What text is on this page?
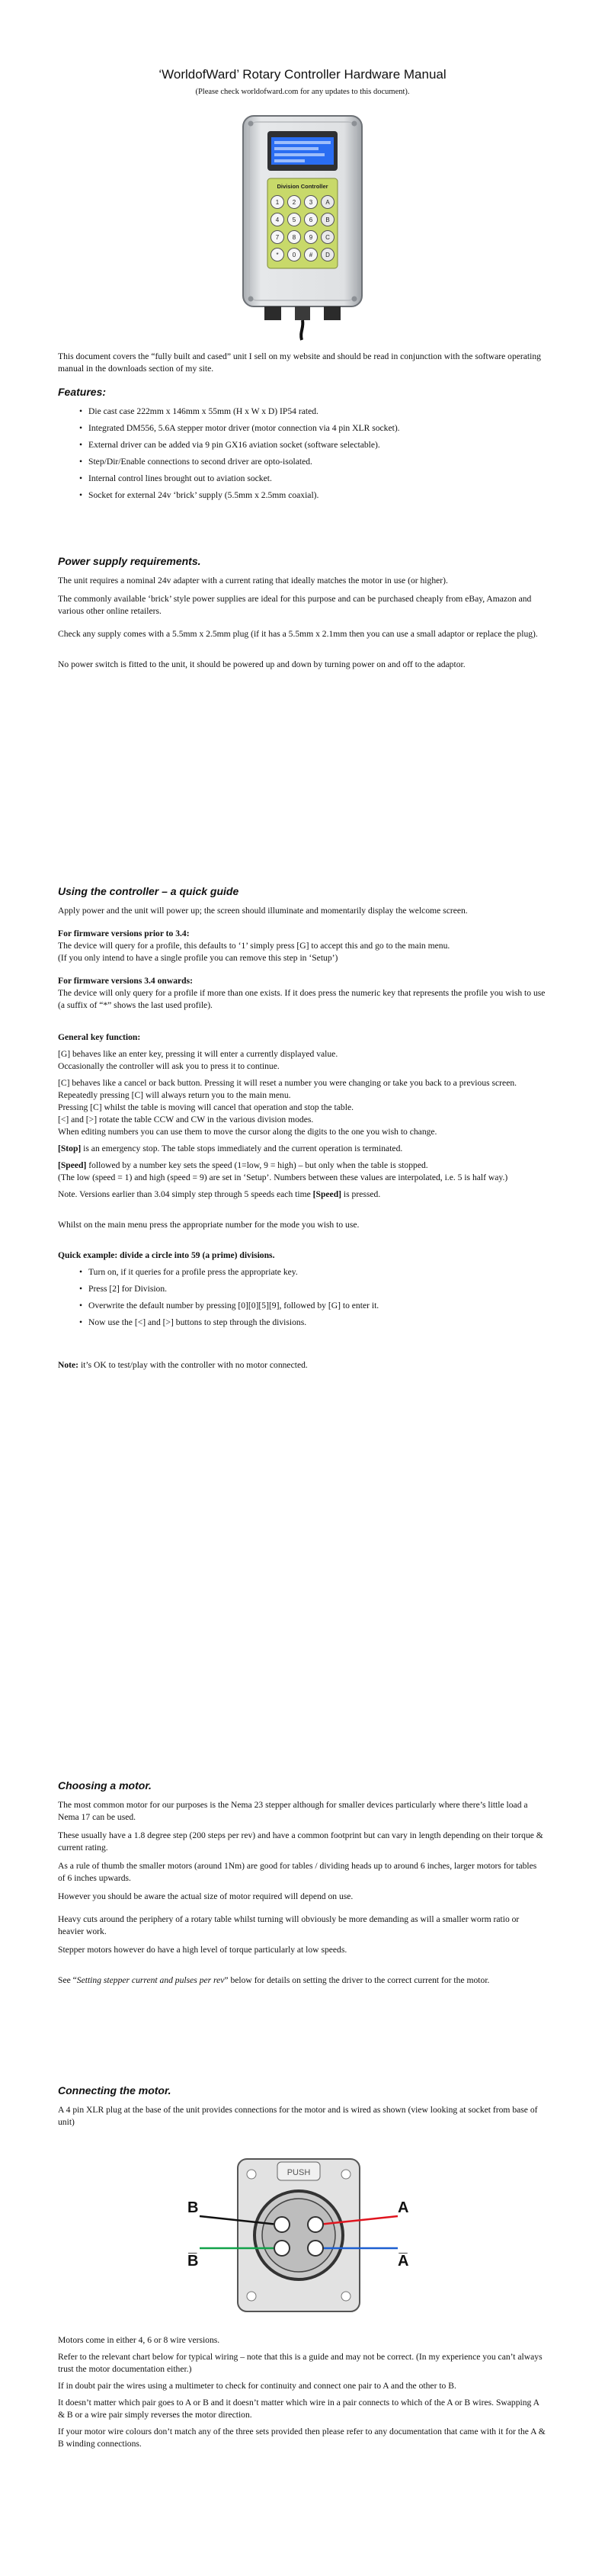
‘WorldofWard’ Rotary Controller Hardware Manual
(Please check worldofward.com for any updates to this document).
Division Controller
1 2 3 A
4 5 6 B
7 8 9 C
* 0 # D
This document covers the “fully built and cased” unit I sell on my website and should be read in conjunction with the software operating manual in the downloads section of my site.
Features:
• Die cast case 222mm x 146mm x 55mm (H x W x D) IP54 rated.
• Integrated DM556, 5.6A stepper motor driver (motor connection via 4 pin XLR socket).
• External driver can be added via 9 pin GX16 aviation socket (software selectable).
• Step/Dir/Enable connections to second driver are opto-isolated.
• Internal control lines brought out to aviation socket.
• Socket for external 24v ‘brick’ supply (5.5mm x 2.5mm coaxial).
Power supply requirements.

The unit requires a nominal 24v adapter with a current rating that ideally matches the motor in use (or higher).

The commonly available ‘brick’ style power supplies are ideal for this purpose and can be purchased cheaply from eBay, Amazon and various other online retailers.

Check any supply comes with a 5.5mm x 2.5mm plug (if it has a 5.5mm x 2.1mm then you can use a small adaptor or replace the plug).

No power switch is fitted to the unit, it should be powered up and down by turning power on and off to the adaptor.

Using the controller – a quick guide

Apply power and the unit will power up; the screen should illuminate and momentarily display the welcome screen.

For firmware versions prior to 3.4:

The device will query for a profile, this defaults to ‘1’ simply press [G] to accept this and go to the main menu.

(If you only intend to have a single profile you can remove this step in ‘Setup’)

For firmware versions 3.4 onwards:

The device will only query for a profile if more than one exists. If it does press the numeric key that represents the profile you wish to use (a suffix of “*” shows the last used profile).

General key function:

[G] behaves like an enter key, pressing it will enter a currently displayed value.

Occasionally the controller will ask you to press it to continue.

[C] behaves like a cancel or back button. Pressing it will reset a number you were changing or take you back to a previous screen.

Repeatedly pressing [C] will always return you to the main menu.

Pressing [C] whilst the table is moving will cancel that operation and stop the table.

[<] and [>] rotate the table CCW and CW in the various division modes.

When editing numbers you can use them to move the cursor along the digits to the one you wish to change.

[Stop] is an emergency stop. The table stops immediately and the current operation is terminated.

[Speed] followed by a number key sets the speed (1=low, 9 = high) – but only when the table is stopped.

(The low (speed = 1) and high (speed = 9) are set in ‘Setup’. Numbers between these values are interpolated, i.e. 5 is half way.)

Note. Versions earlier than 3.04 simply step through 5 speeds each time [Speed] is pressed.

Whilst on the main menu press the appropriate number for the mode you wish to use.

Quick example: divide a circle into 59 (a prime) divisions.

• Turn on, if it queries for a profile press the appropriate key.
• Press [2] for Division.
• Overwrite the default number by pressing [0][0][5][9], followed by [G] to enter it.
• Now use the [<] and [>] buttons to step through the divisions.

Note: it’s OK to test/play with the controller with no motor connected.

Choosing a motor.

The most common motor for our purposes is the Nema 23 stepper although for smaller devices particularly where there’s little load a Nema 17 can be used.

These usually have a 1.8 degree step (200 steps per rev) and have a common footprint but can vary in length depending on their torque & current rating.

As a rule of thumb the smaller motors (around 1Nm) are good for tables / dividing heads up to around 6 inches, larger motors for tables of 6 inches upwards.

However you should be aware the actual size of motor required will depend on use.

Heavy cuts around the periphery of a rotary table whilst turning will obviously be more demanding as will a smaller worm ratio or heavier work.

Stepper motors however do have a high level of torque particularly at low speeds.

See “Setting stepper current and pulses per rev” below for details on setting the driver to the correct current for the motor.

Connecting the motor.

A 4 pin XLR plug at the base of the unit provides connections for the motor and is wired as shown (view looking at socket from base of unit)

PUSH
B
B̅
A
A̅

Motors come in either 4, 6 or 8 wire versions.

Refer to the relevant chart below for typical wiring – note that this is a guide and may not be correct. (In my experience you can’t always trust the motor documentation either.)

If in doubt pair the wires using a multimeter to check for continuity and connect one pair to A and the other to B.

It doesn’t matter which pair goes to A or B and it doesn’t matter which wire in a pair connects to which of the A or B wires. Swapping A & B or a wire pair simply reverses the motor direction.

If your motor wire colours don’t match any of the three sets provided then please refer to any documentation that came with it for the A & B winding connections.
